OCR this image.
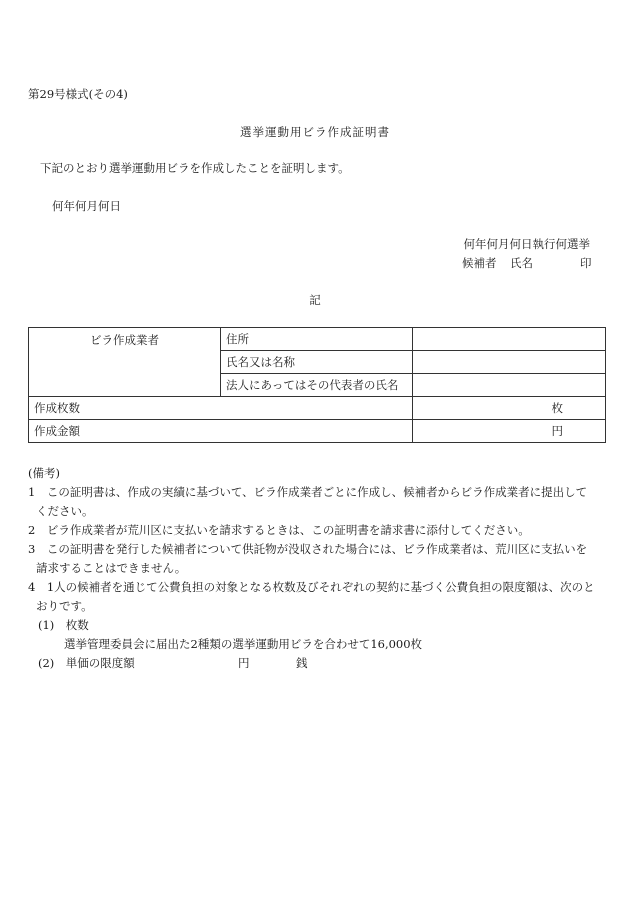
第29号様式(その4)
選挙運動用ビラ作成証明書
下記のとおり選挙運動用ビラを作成したことを証明します。
何年何月何日
何年何月何日執行何選挙
候補者 氏名	印
記
ビラ作成業者	住所	
	氏名又は名称	
	法人にあってはその代表者の氏名	
作成枚数		枚
作成金額		円
(備考)
1　この証明書は、作成の実績に基づいて、ビラ作成業者ごとに作成し、候補者からビラ作成業者に提出して
ください。
2　ビラ作成業者が荒川区に支払いを請求するときは、この証明書を請求書に添付してください。
3　この証明書を発行した候補者について供託物が没収された場合には、ビラ作成業者は、荒川区に支払いを
請求することはできません。
4　1人の候補者を通じて公費負担の対象となる枚数及びそれぞれの契約に基づく公費負担の限度額は、次のと
おりです。
(1)　枚数
選挙管理委員会に届出た2種類の選挙運動用ビラを合わせて16,000枚
(2)　単価の限度額	円	銭
